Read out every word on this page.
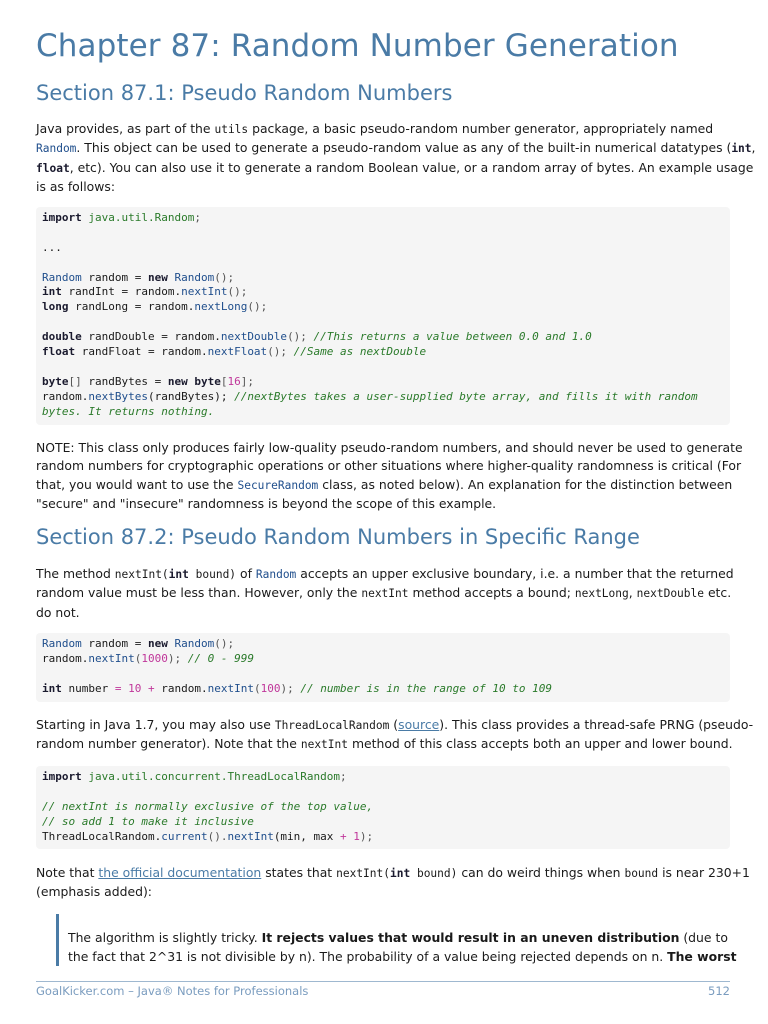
Chapter 87: Random Number Generation
Section 87.1: Pseudo Random Numbers
Java provides, as part of the utils package, a basic pseudo-random number generator, appropriately named
Random. This object can be used to generate a pseudo-random value as any of the built-in numerical datatypes (int,
float, etc). You can also use it to generate a random Boolean value, or a random array of bytes. An example usage
is as follows:
import java.util.Random;
...
Random random = new Random();
int randInt = random.nextInt();
long randLong = random.nextLong();
double randDouble = random.nextDouble(); //This returns a value between 0.0 and 1.0
float randFloat = random.nextFloat(); //Same as nextDouble
byte[] randBytes = new byte[16];
random.nextBytes(randBytes); //nextBytes takes a user-supplied byte array, and fills it with random
bytes. It returns nothing.
NOTE: This class only produces fairly low-quality pseudo-random numbers, and should never be used to generate
random numbers for cryptographic operations or other situations where higher-quality randomness is critical (For
that, you would want to use the SecureRandom class, as noted below). An explanation for the distinction between
"secure" and "insecure" randomness is beyond the scope of this example.
Section 87.2: Pseudo Random Numbers in Specific Range
The method nextInt(int bound) of Random accepts an upper exclusive boundary, i.e. a number that the returned
random value must be less than. However, only the nextInt method accepts a bound; nextLong, nextDouble etc.
do not.
Random random = new Random();
random.nextInt(1000); // 0 - 999
int number = 10 + random.nextInt(100); // number is in the range of 10 to 109
Starting in Java 1.7, you may also use ThreadLocalRandom (source). This class provides a thread-safe PRNG (pseudo-
random number generator). Note that the nextInt method of this class accepts both an upper and lower bound.
import java.util.concurrent.ThreadLocalRandom;
// nextInt is normally exclusive of the top value,
// so add 1 to make it inclusive
ThreadLocalRandom.current().nextInt(min, max + 1);
Note that the official documentation states that nextInt(int bound) can do weird things when bound is near 230+1
(emphasis added):
The algorithm is slightly tricky. It rejects values that would result in an uneven distribution (due to
the fact that 2^31 is not divisible by n). The probability of a value being rejected depends on n. The worst
GoalKicker.com – Java® Notes for Professionals	512
